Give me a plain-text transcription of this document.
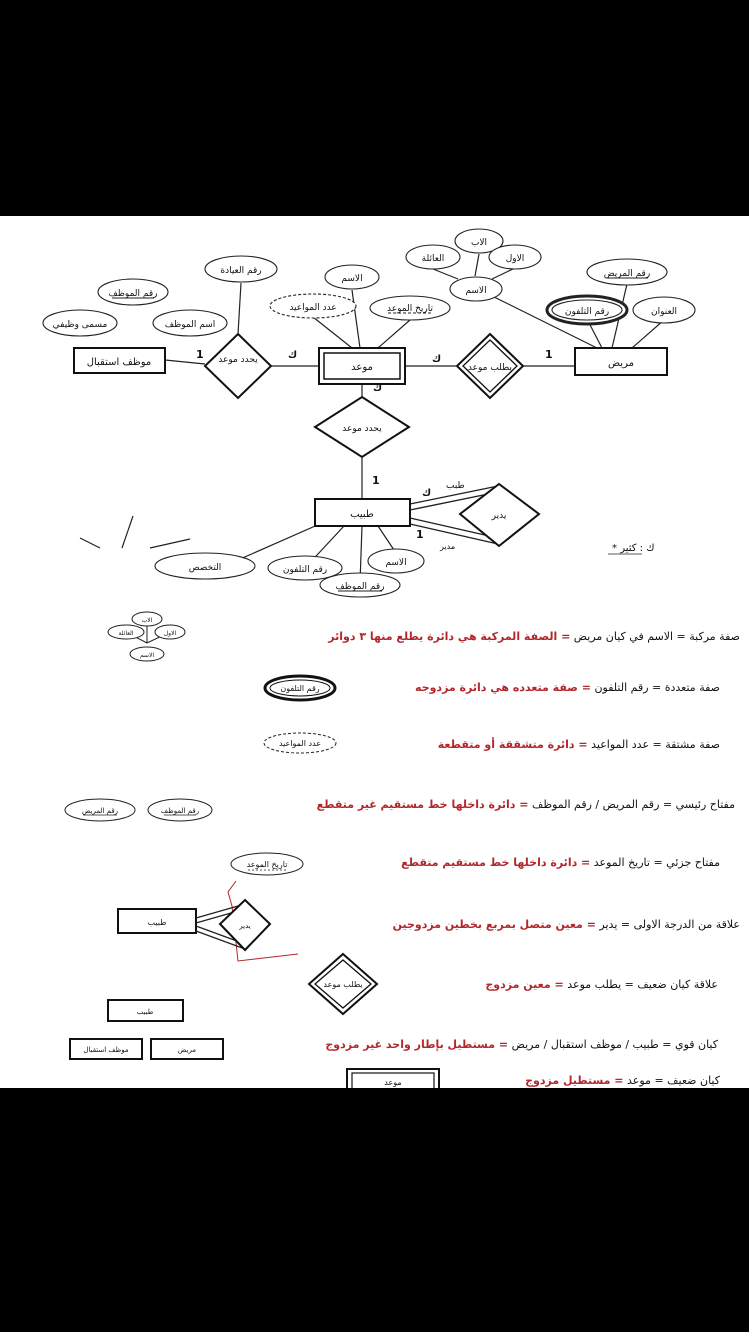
موظف استقبال	موعد	مريض
طبيب
يحدد موعد
يطلب موعد
يحدد موعد
يدير
رقم العيادة
رقم الموظف
اسم الموظف
مسمى وظيفي
الاسم
عدد المواعيد	تاريخ الموعد
الاب
العائلة	الاول
الاسم
رقم المريض
رقم التلفون	العنوان
التخصص	رقم التلفون
الاسم
رقم الموظف
1	ك	ك	1
ك
1
ك
1
طبب
مدير	* ك : كثير
صفة مركبة = الاسم في كيان مريض = الصفة المركبة هي دائرة يطلع منها ٣ دوائر
صفة متعددة = رقم التلفون = صفة متعدده هي دائرة مزدوجه
صفة مشتقة = عدد المواعيد = دائرة متشققة أو متقطعة
مفتاح رئيسي = رقم المريض / رقم الموظف = دائرة داخلها خط مستقيم غير متقطع
مفتاح جزئي = تاريخ الموعد = دائرة داخلها خط مستقيم متقطع
علاقة من الدرجة الاولى = يدير = معين متصل بمربع بخطين مزدوجين
علاقة كيان ضعيف = يطلب موعد = معين مزدوج
كيان قوي = طبيب / موظف استقبال / مريض = مستطيل بإطار واحد غير مزدوج
كيان ضعيف = موعد = مستطيل مزدوج
الاب
العائلة	الاول
الاسم
رقم التلفون
عدد المواعيد
رقم الموظف
رقم المريض
تاريخ الموعد
طبيب	يدير
يطلب موعد
طبيب
مريض
موظف استقبال
موعد
